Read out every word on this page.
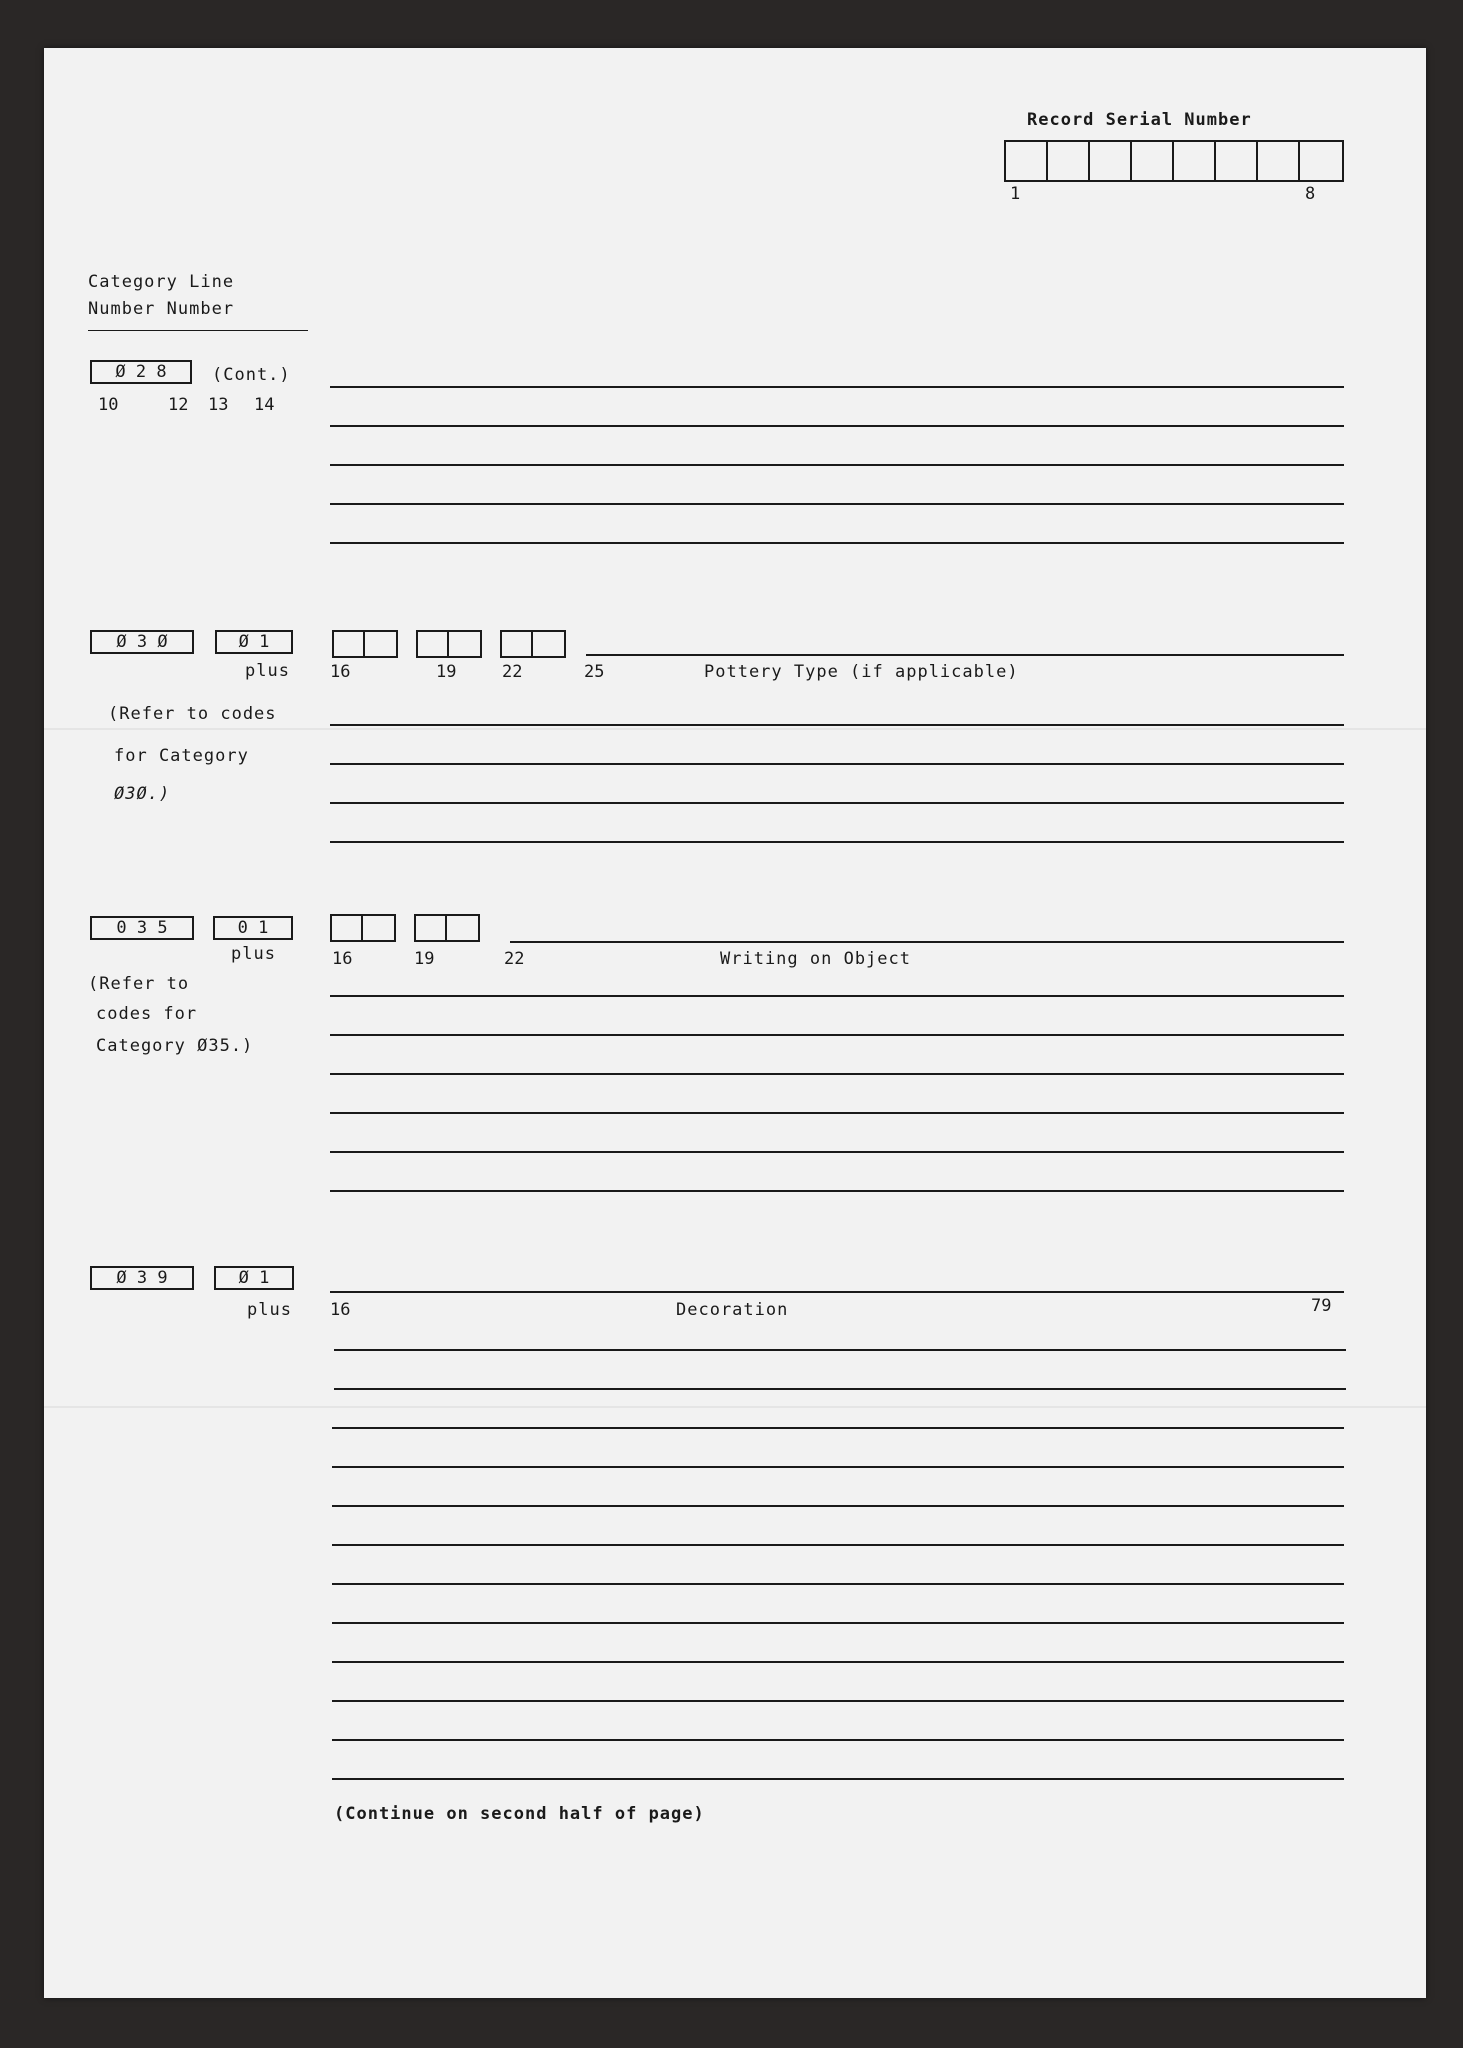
Record Serial Number
1	8
Category Line
Number Number
Ø 2 8	(Cont.)
10	12 13 14
Ø 3 Ø	Ø 1
plus 16	19	22	25	Pottery Type (if applicable)
(Refer to codes
for Category
Ø3Ø.)
0 3 5	0 1
plus	16	19	22	Writing on Object
(Refer to
codes for
Category Ø35.)
Ø 3 9	Ø 1
plus 16	Decoration	79
(Continue on second half of page)
